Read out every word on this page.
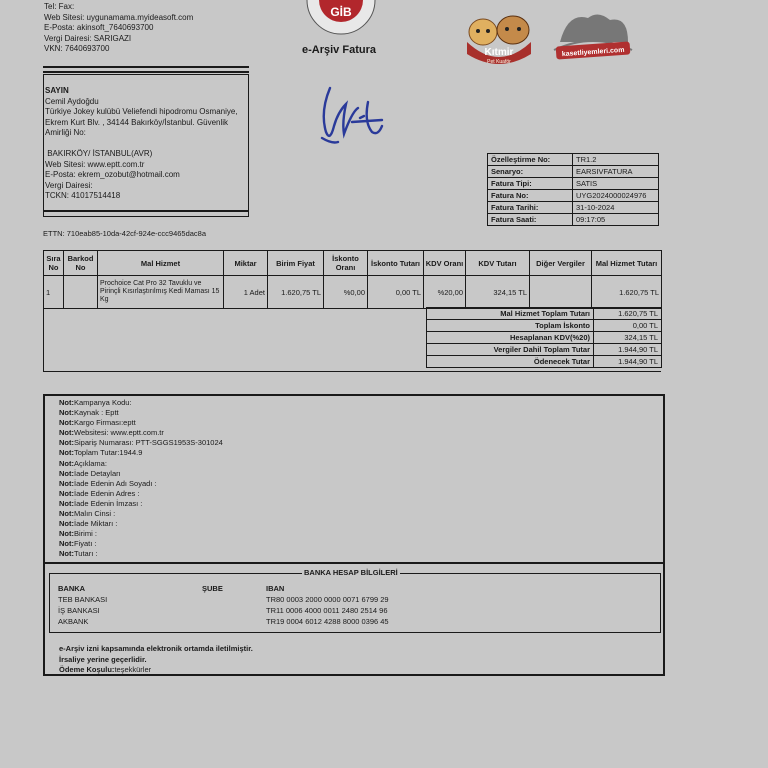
Tel: Fax:
Web Sitesi: uygunamama.myideasoft.com
E-Posta: akinsoft_7640693700
Vergi Dairesi: SARIGAZI
VKN: 7640693700
GİB
e-Arşiv Fatura	Kıtmir
Pet Kuaför
kasetliyemleri.com
SAYIN
Cemil Aydoğdu
Türkiye Jokey kulübü Veliefendi hipodromu Osmaniye,
Ekrem Kurt Blv. , 34144 Bakırköy/İstanbul. Güvenlik
Amirliği No:
BAKIRKÖY/ İSTANBUL(AVR)
Web Sitesi: www.eptt.com.tr
E-Posta: ekrem_ozobut@hotmail.com
Vergi Dairesi:
TCKN: 41017514418
Özelleştirme No:	TR1.2
Senaryo:	EARSIVFATURA
Fatura Tipi:	SATIS
Fatura No:	UYG2024000024976
Fatura Tarihi:	31-10-2024
Fatura Saati:	09:17:05
ETTN: 710eab85-10da-42cf-924e-ccc9465dac8a
Sıra No	Barkod No	Mal Hizmet	Miktar	Birim Fiyat	İskonto Oranı	İskonto Tutarı	KDV Oranı	KDV Tutarı	Diğer Vergiler	Mal Hizmet Tutarı
1		Prochoice Cat Pro 32 Tavuklu ve Pirinçli Kısırlaştırılmış Kedi Maması 15 Kg	1 Adet	1.620,75 TL	%0,00	0,00 TL	%20,00	324,15 TL		1.620,75 TL
Mal Hizmet Toplam Tutarı	1.620,75 TL
Toplam İskonto	0,00 TL
Hesaplanan KDV(%20)	324,15 TL
Vergiler Dahil Toplam Tutar	1.944,90 TL
Ödenecek Tutar	1.944,90 TL
Not:Kampanya Kodu:
Not:Kaynak : Eptt
Not:Kargo Firması:eptt
Not:Websitesi: www.eptt.com.tr
Not:Sipariş Numarası: PTT-SGGS1953S-301024
Not:Toplam Tutar:1944.9
Not:Açıklama:
Not:İade Detayları
Not:İade Edenin Adı Soyadı :
Not:İade Edenin Adres :
Not:İade Edenin İmzası :
Not:Malın Cinsi :
Not:İade Miktarı :
Not:Birimi :
Not:Fiyatı :
Not:Tutarı :
BANKA HESAP BİLGİLERİ
BANKA	ŞUBE	IBAN
TEB BANKASI		TR80 0003 2000 0000 0071 6799 29
İŞ BANKASI		TR11 0006 4000 0011 2480 2514 96
AKBANK		TR19 0004 6012 4288 8000 0396 45
e-Arşiv izni kapsamında elektronik ortamda iletilmiştir.
İrsaliye yerine geçerlidir.
Ödeme Koşulu:teşekkürler
